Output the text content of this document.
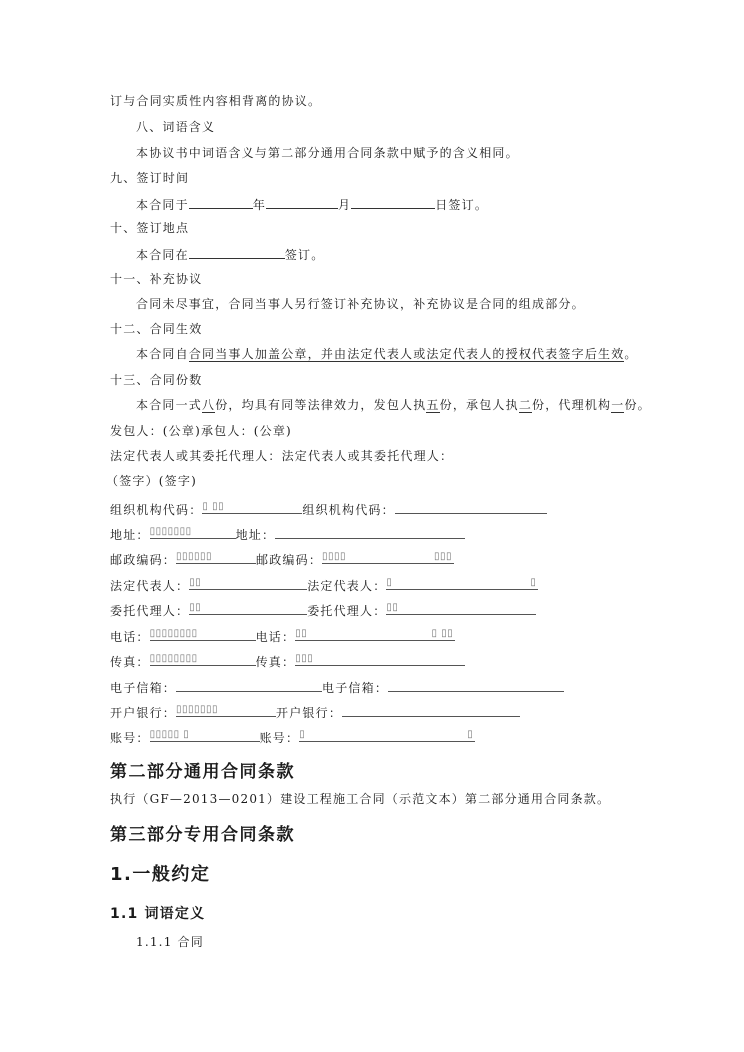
订与合同实质性内容相背离的协议。
八、词语含义
本协议书中词语含义与第二部分通用合同条款中赋予的含义相同。
九、签订时间
本合同于	年	月	日签订。
十、签订地点
本合同在	签订。
十一、补充协议
合同未尽事宜，合同当事人另行签订补充协议，补充协议是合同的组成部分。
十二、合同生效
本合同自合同当事人加盖公章，并由法定代表人或法定代表人的授权代表签字后生效。
十三、合同份数
本合同一式八份，均具有同等法律效力，发包人执五份，承包人执二份，代理机构一份。
发包人：(公章)承包人：(公章)
法定代表人或其委托代理人：法定代表人或其委托代理人：
（签字）(签字)
组织机构代码：▯ ▯▯	组织机构代码：
地址：▯▯▯▯▯▯▯	地址：
邮政编码：▯▯▯▯▯▯	邮政编码：▯▯▯▯	▯▯▯
法定代表人：▯▯	法定代表人：▯	▯
委托代理人：▯▯	委托代理人：▯▯
电话：▯▯▯▯▯▯▯▯	电话：▯▯	▯ ▯▯
传真：▯▯▯▯▯▯▯▯	传真：▯▯▯
电子信箱：	电子信箱：
开户银行：▯▯▯▯▯▯▯	开户银行：
账号：▯▯▯▯▯ ▯	账号：▯	▯
第二部分通用合同条款
执行（GF—2013—0201）建设工程施工合同（示范文本）第二部分通用合同条款。
第三部分专用合同条款
1.一般约定
1.1 词语定义
1.1.1 合同
